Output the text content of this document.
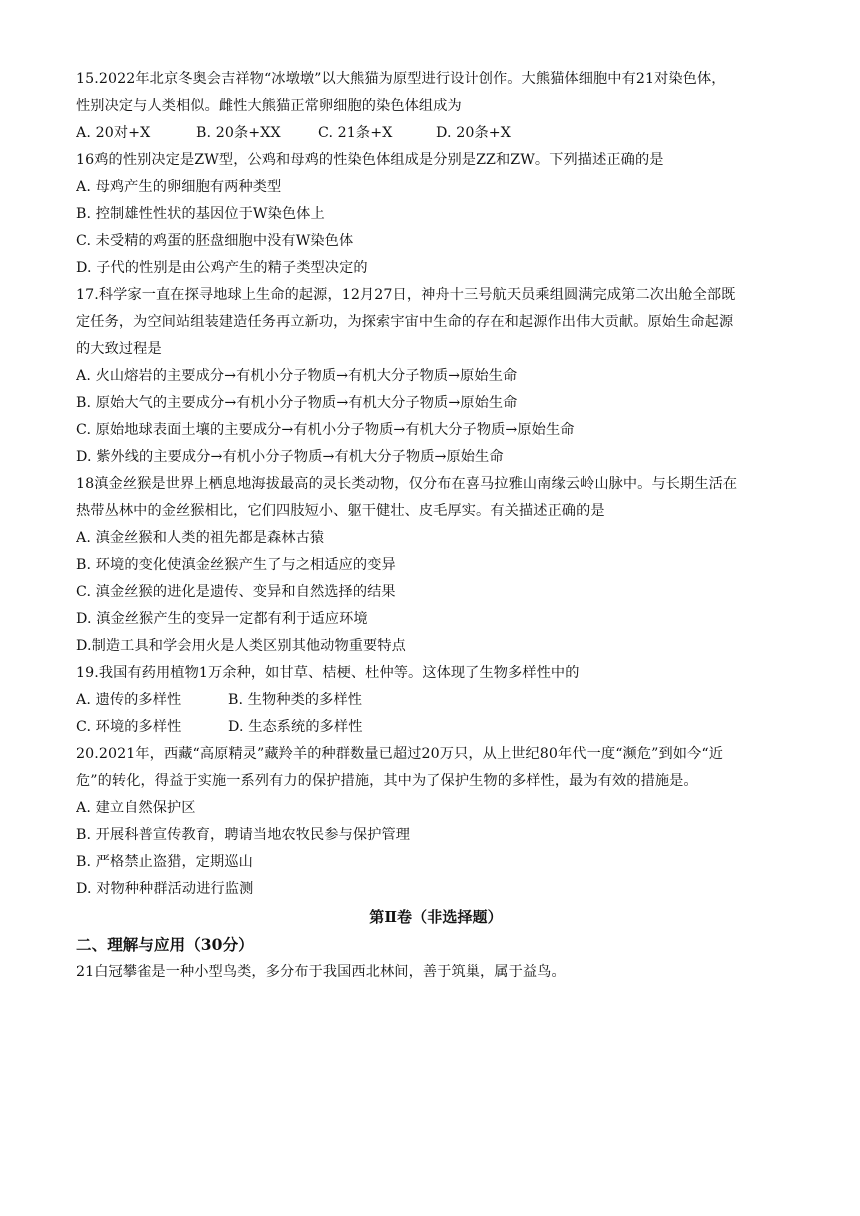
15.2022年北京冬奥会吉祥物“冰墩墩”以大熊猫为原型进行设计创作。大熊猫体细胞中有21对染色体，
性别决定与人类相似。雌性大熊猫正常卵细胞的染色体组成为
A. 20对+X	B. 20条+XX	C. 21条+X	D. 20条+X
16鸡的性别决定是ZW型，公鸡和母鸡的性染色体组成是分别是ZZ和ZW。下列描述正确的是
A. 母鸡产生的卵细胞有两种类型
B. 控制雄性性状的基因位于W染色体上
C. 未受精的鸡蛋的胚盘细胞中没有W染色体
D. 子代的性别是由公鸡产生的精子类型决定的
17.科学家一直在探寻地球上生命的起源，12月27日，神舟十三号航天员乘组圆满完成第二次出舱全部既
定任务，为空间站组装建造任务再立新功，为探索宇宙中生命的存在和起源作出伟大贡献。原始生命起源
的大致过程是
A. 火山熔岩的主要成分→有机小分子物质→有机大分子物质→原始生命
B. 原始大气的主要成分→有机小分子物质→有机大分子物质→原始生命
C. 原始地球表面土壤的主要成分→有机小分子物质→有机大分子物质→原始生命
D. 紫外线的主要成分→有机小分子物质→有机大分子物质→原始生命
18滇金丝猴是世界上栖息地海拔最高的灵长类动物，仅分布在喜马拉雅山南缘云岭山脉中。与长期生活在
热带丛林中的金丝猴相比，它们四肢短小、躯干健壮、皮毛厚实。有关描述正确的是
A. 滇金丝猴和人类的祖先都是森林古猿
B. 环境的变化使滇金丝猴产生了与之相适应的变异
C. 滇金丝猴的进化是遗传、变异和自然选择的结果
D. 滇金丝猴产生的变异一定都有利于适应环境
D.制造工具和学会用火是人类区别其他动物重要特点
19.我国有药用植物1万余种，如甘草、桔梗、杜仲等。这体现了生物多样性中的
A. 遗传的多样性	B. 生物种类的多样性
C. 环境的多样性	D. 生态系统的多样性
20.2021年，西藏“高原精灵”藏羚羊的种群数量已超过20万只，从上世纪80年代一度“濒危”到如今“近
危”的转化，得益于实施一系列有力的保护措施，其中为了保护生物的多样性，最为有效的措施是。
A. 建立自然保护区
B. 开展科普宣传教育，聘请当地农牧民参与保护管理
B. 严格禁止盗猎，定期巡山
D. 对物种种群活动进行监测
第Ⅱ卷（非选择题）
二、理解与应用（30分）
21白冠攀雀是一种小型鸟类，多分布于我国西北林间，善于筑巢，属于益鸟。
